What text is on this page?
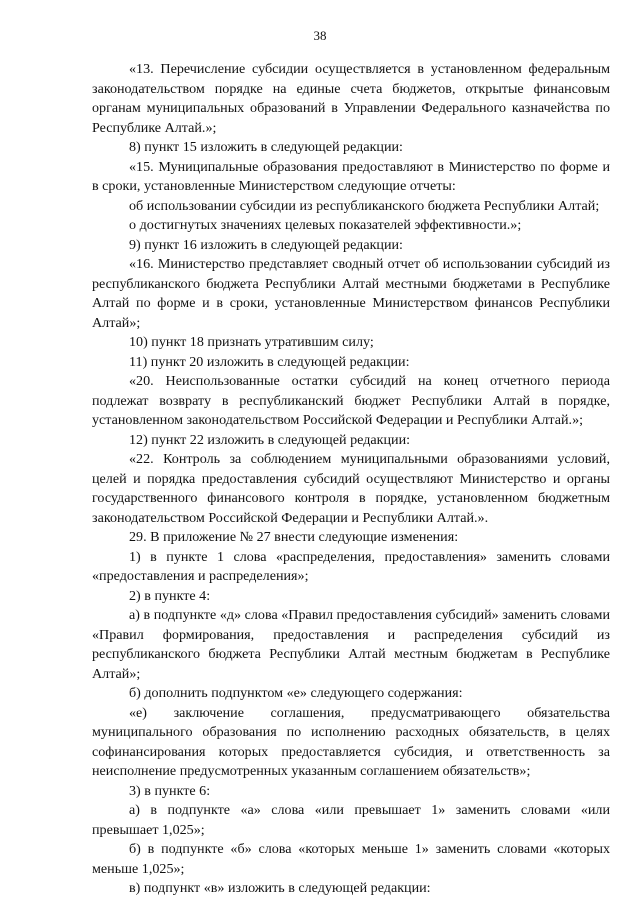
38

«13. Перечисление субсидии осуществляется в установленном федеральным законодательством порядке на единые счета бюджетов, открытые финансовым органам муниципальных образований в Управлении Федерального казначейства по Республике Алтай.»;

8) пункт 15 изложить в следующей редакции:

«15. Муниципальные образования предоставляют в Министерство по форме и в сроки, установленные Министерством следующие отчеты:

об использовании субсидии из республиканского бюджета Республики Алтай;

о достигнутых значениях целевых показателей эффективности.»;

9) пункт 16 изложить в следующей редакции:

«16. Министерство представляет сводный отчет об использовании субсидий из республиканского бюджета Республики Алтай местными бюджетами в Республике Алтай по форме и в сроки, установленные Министерством финансов Республики Алтай»;

10) пункт 18 признать утратившим силу;

11) пункт 20 изложить в следующей редакции:

«20. Неиспользованные остатки субсидий на конец отчетного периода подлежат возврату в республиканский бюджет Республики Алтай в порядке, установленном законодательством Российской Федерации и Республики Алтай.»;

12) пункт 22 изложить в следующей редакции:

«22. Контроль за соблюдением муниципальными образованиями условий, целей и порядка предоставления субсидий осуществляют Министерство и органы государственного финансового контроля в порядке, установленном бюджетным законодательством Российской Федерации и Республики Алтай.».

29. В приложение № 27 внести следующие изменения:

1) в пункте 1 слова «распределения, предоставления» заменить словами «предоставления и распределения»;

2) в пункте 4:

а) в подпункте «д» слова «Правил предоставления субсидий» заменить словами «Правил формирования, предоставления и распределения субсидий из республиканского бюджета Республики Алтай местным бюджетам в Республике Алтай»;

б) дополнить подпунктом «е» следующего содержания:

«е) заключение соглашения, предусматривающего обязательства муниципального образования по исполнению расходных обязательств, в целях софинансирования которых предоставляется субсидия, и ответственность за неисполнение предусмотренных указанным соглашением обязательств»;

3) в пункте 6:

а) в подпункте «а» слова «или превышает 1» заменить словами «или превышает 1,025»;

б) в подпункте «б» слова «которых меньше 1» заменить словами «которых меньше 1,025»;

в) подпункт «в» изложить в следующей редакции:
